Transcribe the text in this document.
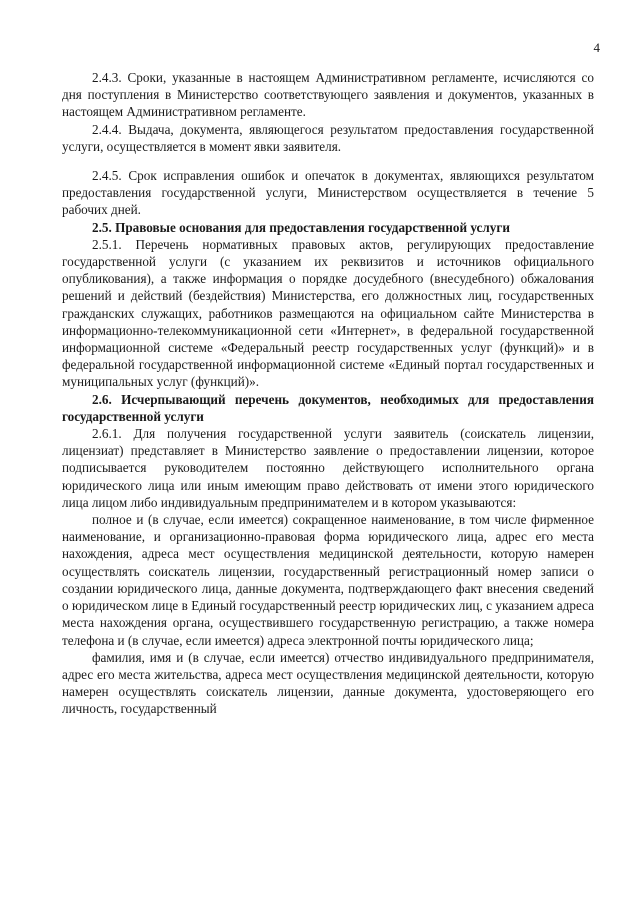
4

2.4.3. Сроки, указанные в настоящем Административном регламенте, исчисляются со дня поступления в Министерство соответствующего заявления и документов, указанных в настоящем Административном регламенте.

2.4.4. Выдача, документа, являющегося результатом предоставления государственной услуги, осуществляется в момент явки заявителя.

2.4.5. Срок исправления ошибок и опечаток в документах, являющихся результатом предоставления государственной услуги, Министерством осуществляется в течение 5 рабочих дней.

2.5. Правовые основания для предоставления государственной услуги

2.5.1. Перечень нормативных правовых актов, регулирующих предоставление государственной услуги (с указанием их реквизитов и источников официального опубликования), а также информация о порядке досудебного (внесудебного) обжалования решений и действий (бездействия) Министерства, его должностных лиц, государственных гражданских служащих, работников размещаются на официальном сайте Министерства в информационно-телекоммуникационной сети «Интернет», в федеральной государственной информационной системе «Федеральный реестр государственных услуг (функций)» и в федеральной государственной информационной системе «Единый портал государственных и муниципальных услуг (функций)».

2.6. Исчерпывающий перечень документов, необходимых для предоставления государственной услуги

2.6.1. Для получения государственной услуги заявитель (соискатель лицензии, лицензиат) представляет в Министерство заявление о предоставлении лицензии, которое подписывается руководителем постоянно действующего исполнительного органа юридического лица или иным имеющим право действовать от имени этого юридического лица лицом либо индивидуальным предпринимателем и в котором указываются:

полное и (в случае, если имеется) сокращенное наименование, в том числе фирменное наименование, и организационно-правовая форма юридического лица, адрес его места нахождения, адреса мест осуществления медицинской деятельности, которую намерен осуществлять соискатель лицензии, государственный регистрационный номер записи о создании юридического лица, данные документа, подтверждающего факт внесения сведений о юридическом лице в Единый государственный реестр юридических лиц, с указанием адреса места нахождения органа, осуществившего государственную регистрацию, а также номера телефона и (в случае, если имеется) адреса электронной почты юридического лица;

фамилия, имя и (в случае, если имеется) отчество индивидуального предпринимателя, адрес его места жительства, адреса мест осуществления медицинской деятельности, которую намерен осуществлять соискатель лицензии, данные документа, удостоверяющего его личность, государственный
